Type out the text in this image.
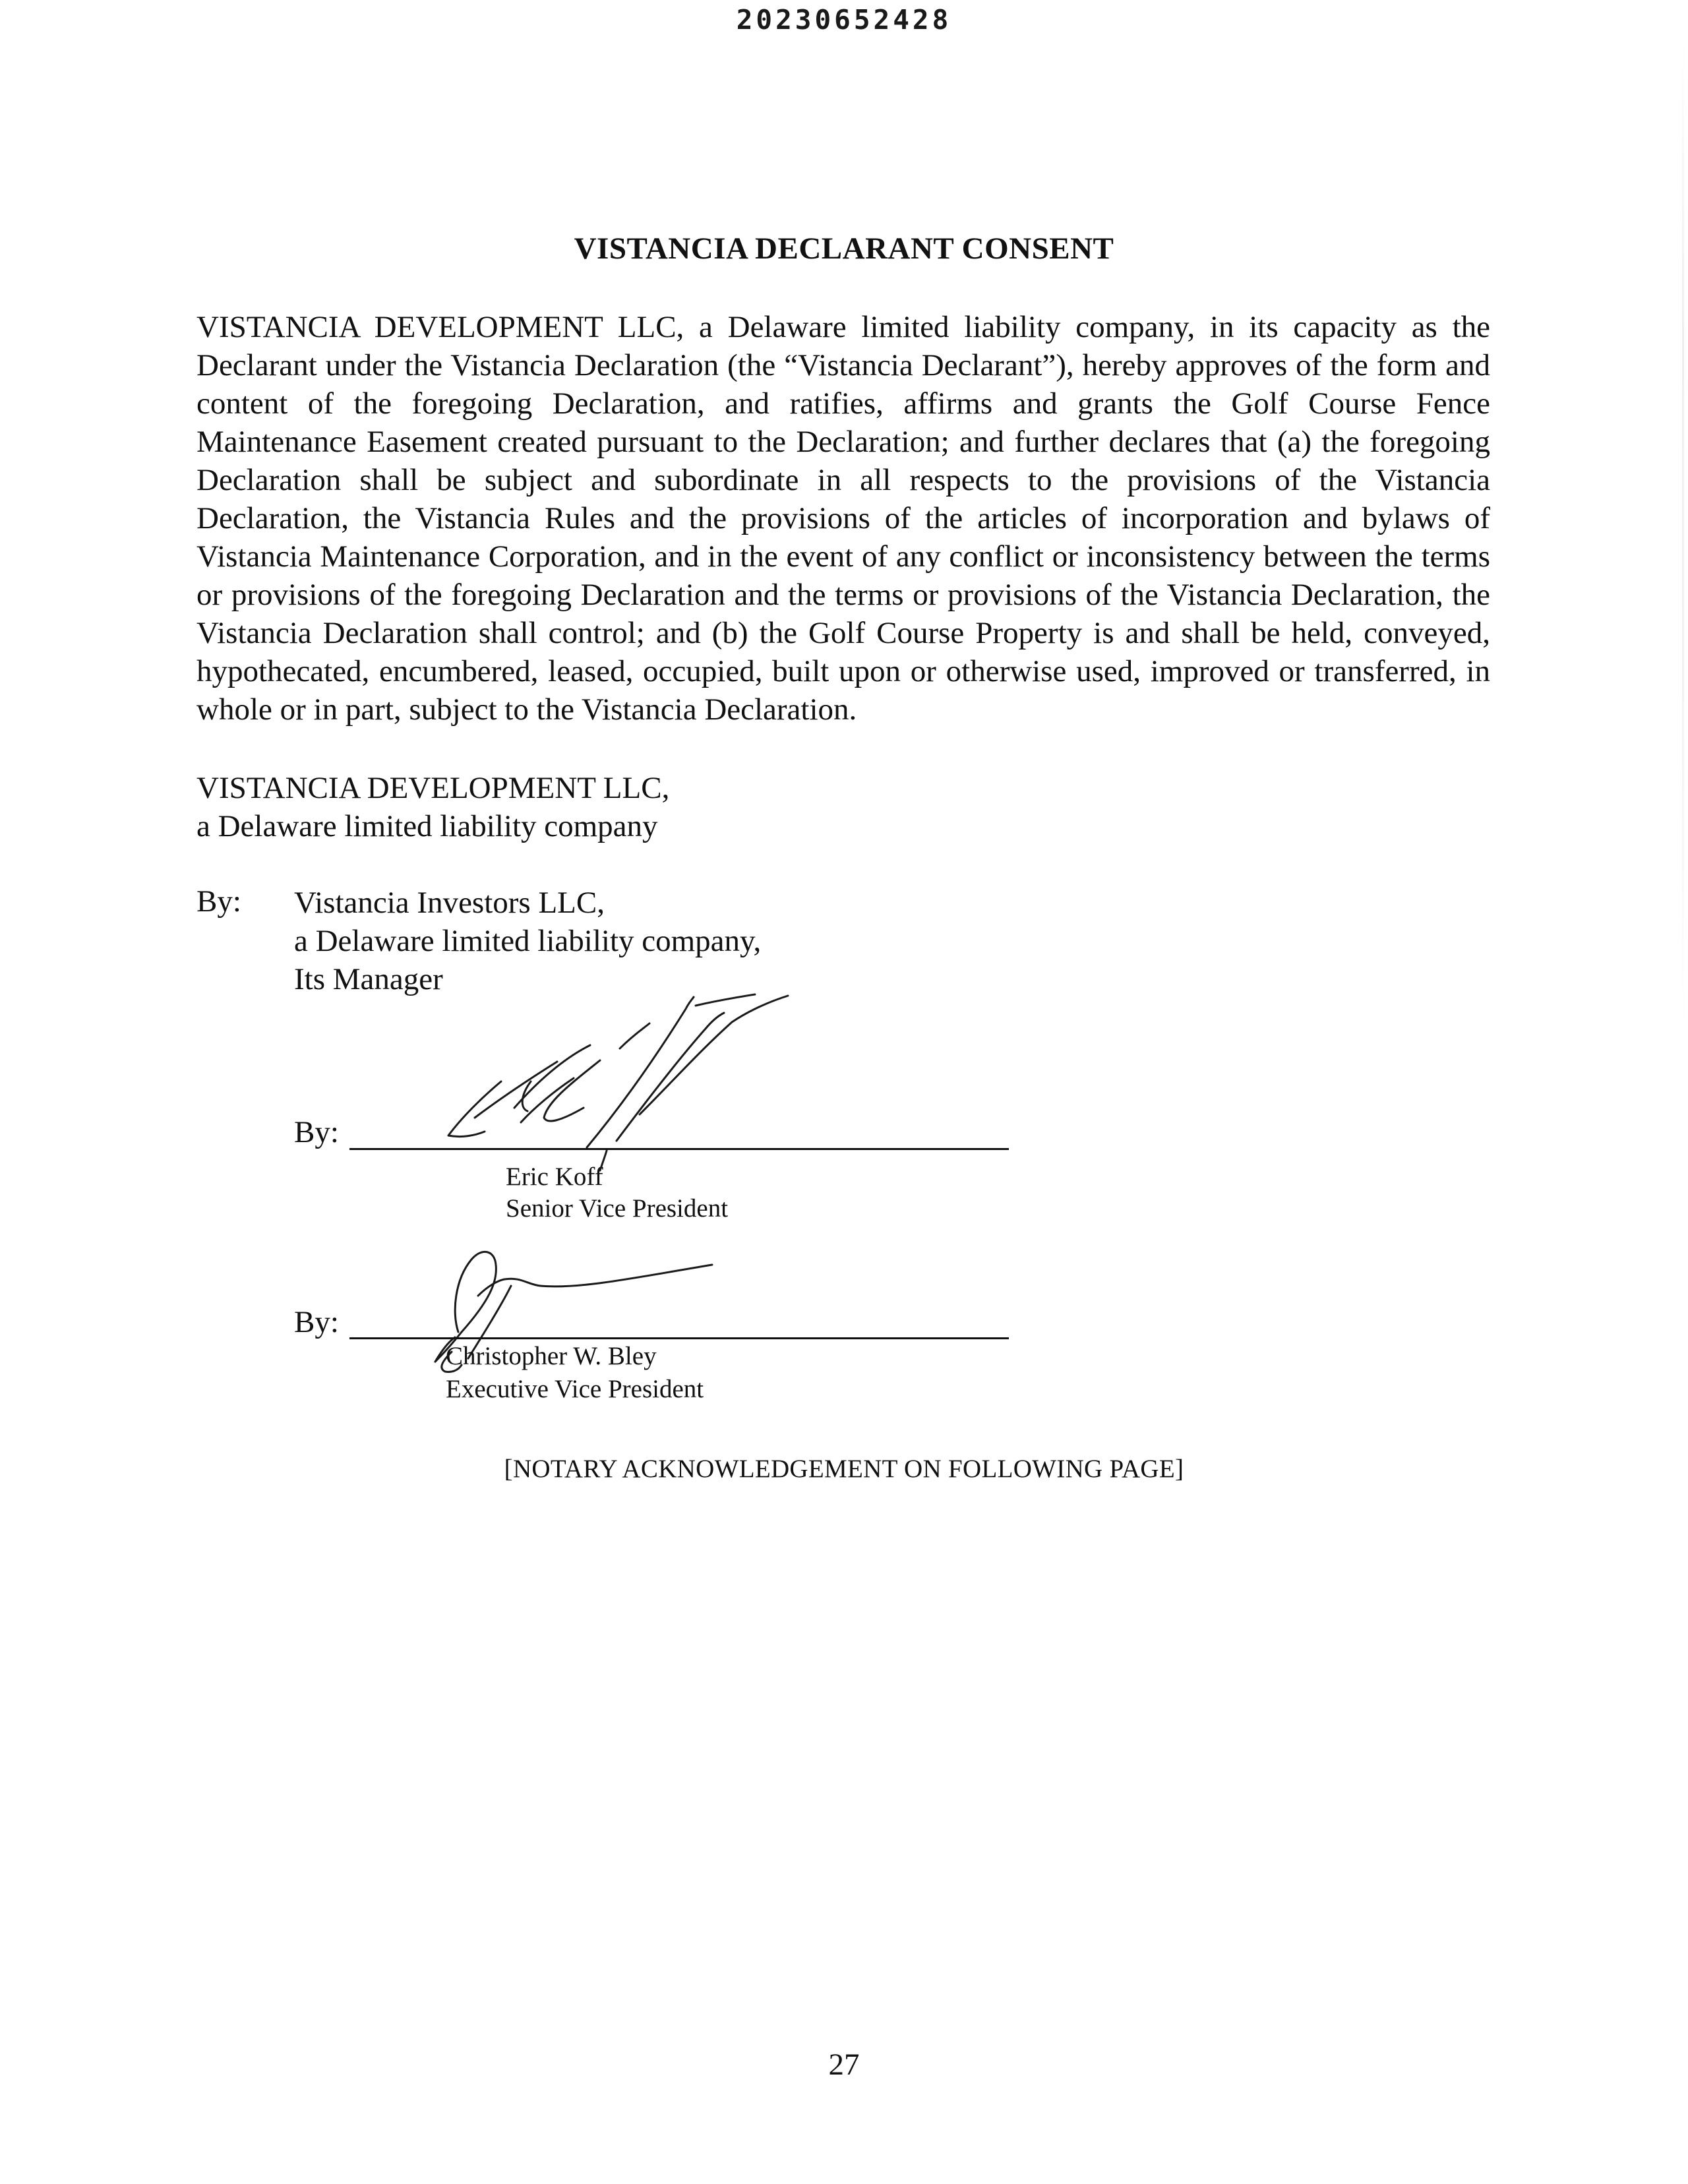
20230652428
VISTANCIA DECLARANT CONSENT

VISTANCIA DEVELOPMENT LLC, a Delaware limited liability company, in its capacity as the Declarant under the Vistancia Declaration (the “Vistancia Declarant”), hereby approves of the form and content of the foregoing Declaration, and ratifies, affirms and grants the Golf Course Fence Maintenance Easement created pursuant to the Declaration; and further declares that (a) the foregoing Declaration shall be subject and subordinate in all respects to the provisions of the Vistancia Declaration, the Vistancia Rules and the provisions of the articles of incorporation and bylaws of Vistancia Maintenance Corporation, and in the event of any conflict or inconsistency between the terms or provisions of the foregoing Declaration and the terms or provisions of the Vistancia Declaration, the Vistancia Declaration shall control; and (b) the Golf Course Property is and shall be held, conveyed, hypothecated, encumbered, leased, occupied, built upon or otherwise used, improved or transferred, in whole or in part, subject to the Vistancia Declaration.

VISTANCIA DEVELOPMENT LLC,
a Delaware limited liability company
By: Vistancia Investors LLC,
a Delaware limited liability company,
Its Manager
By:
Eric Koff
Senior Vice President
By:
Christopher W. Bley
Executive Vice President
[NOTARY ACKNOWLEDGEMENT ON FOLLOWING PAGE]
27
